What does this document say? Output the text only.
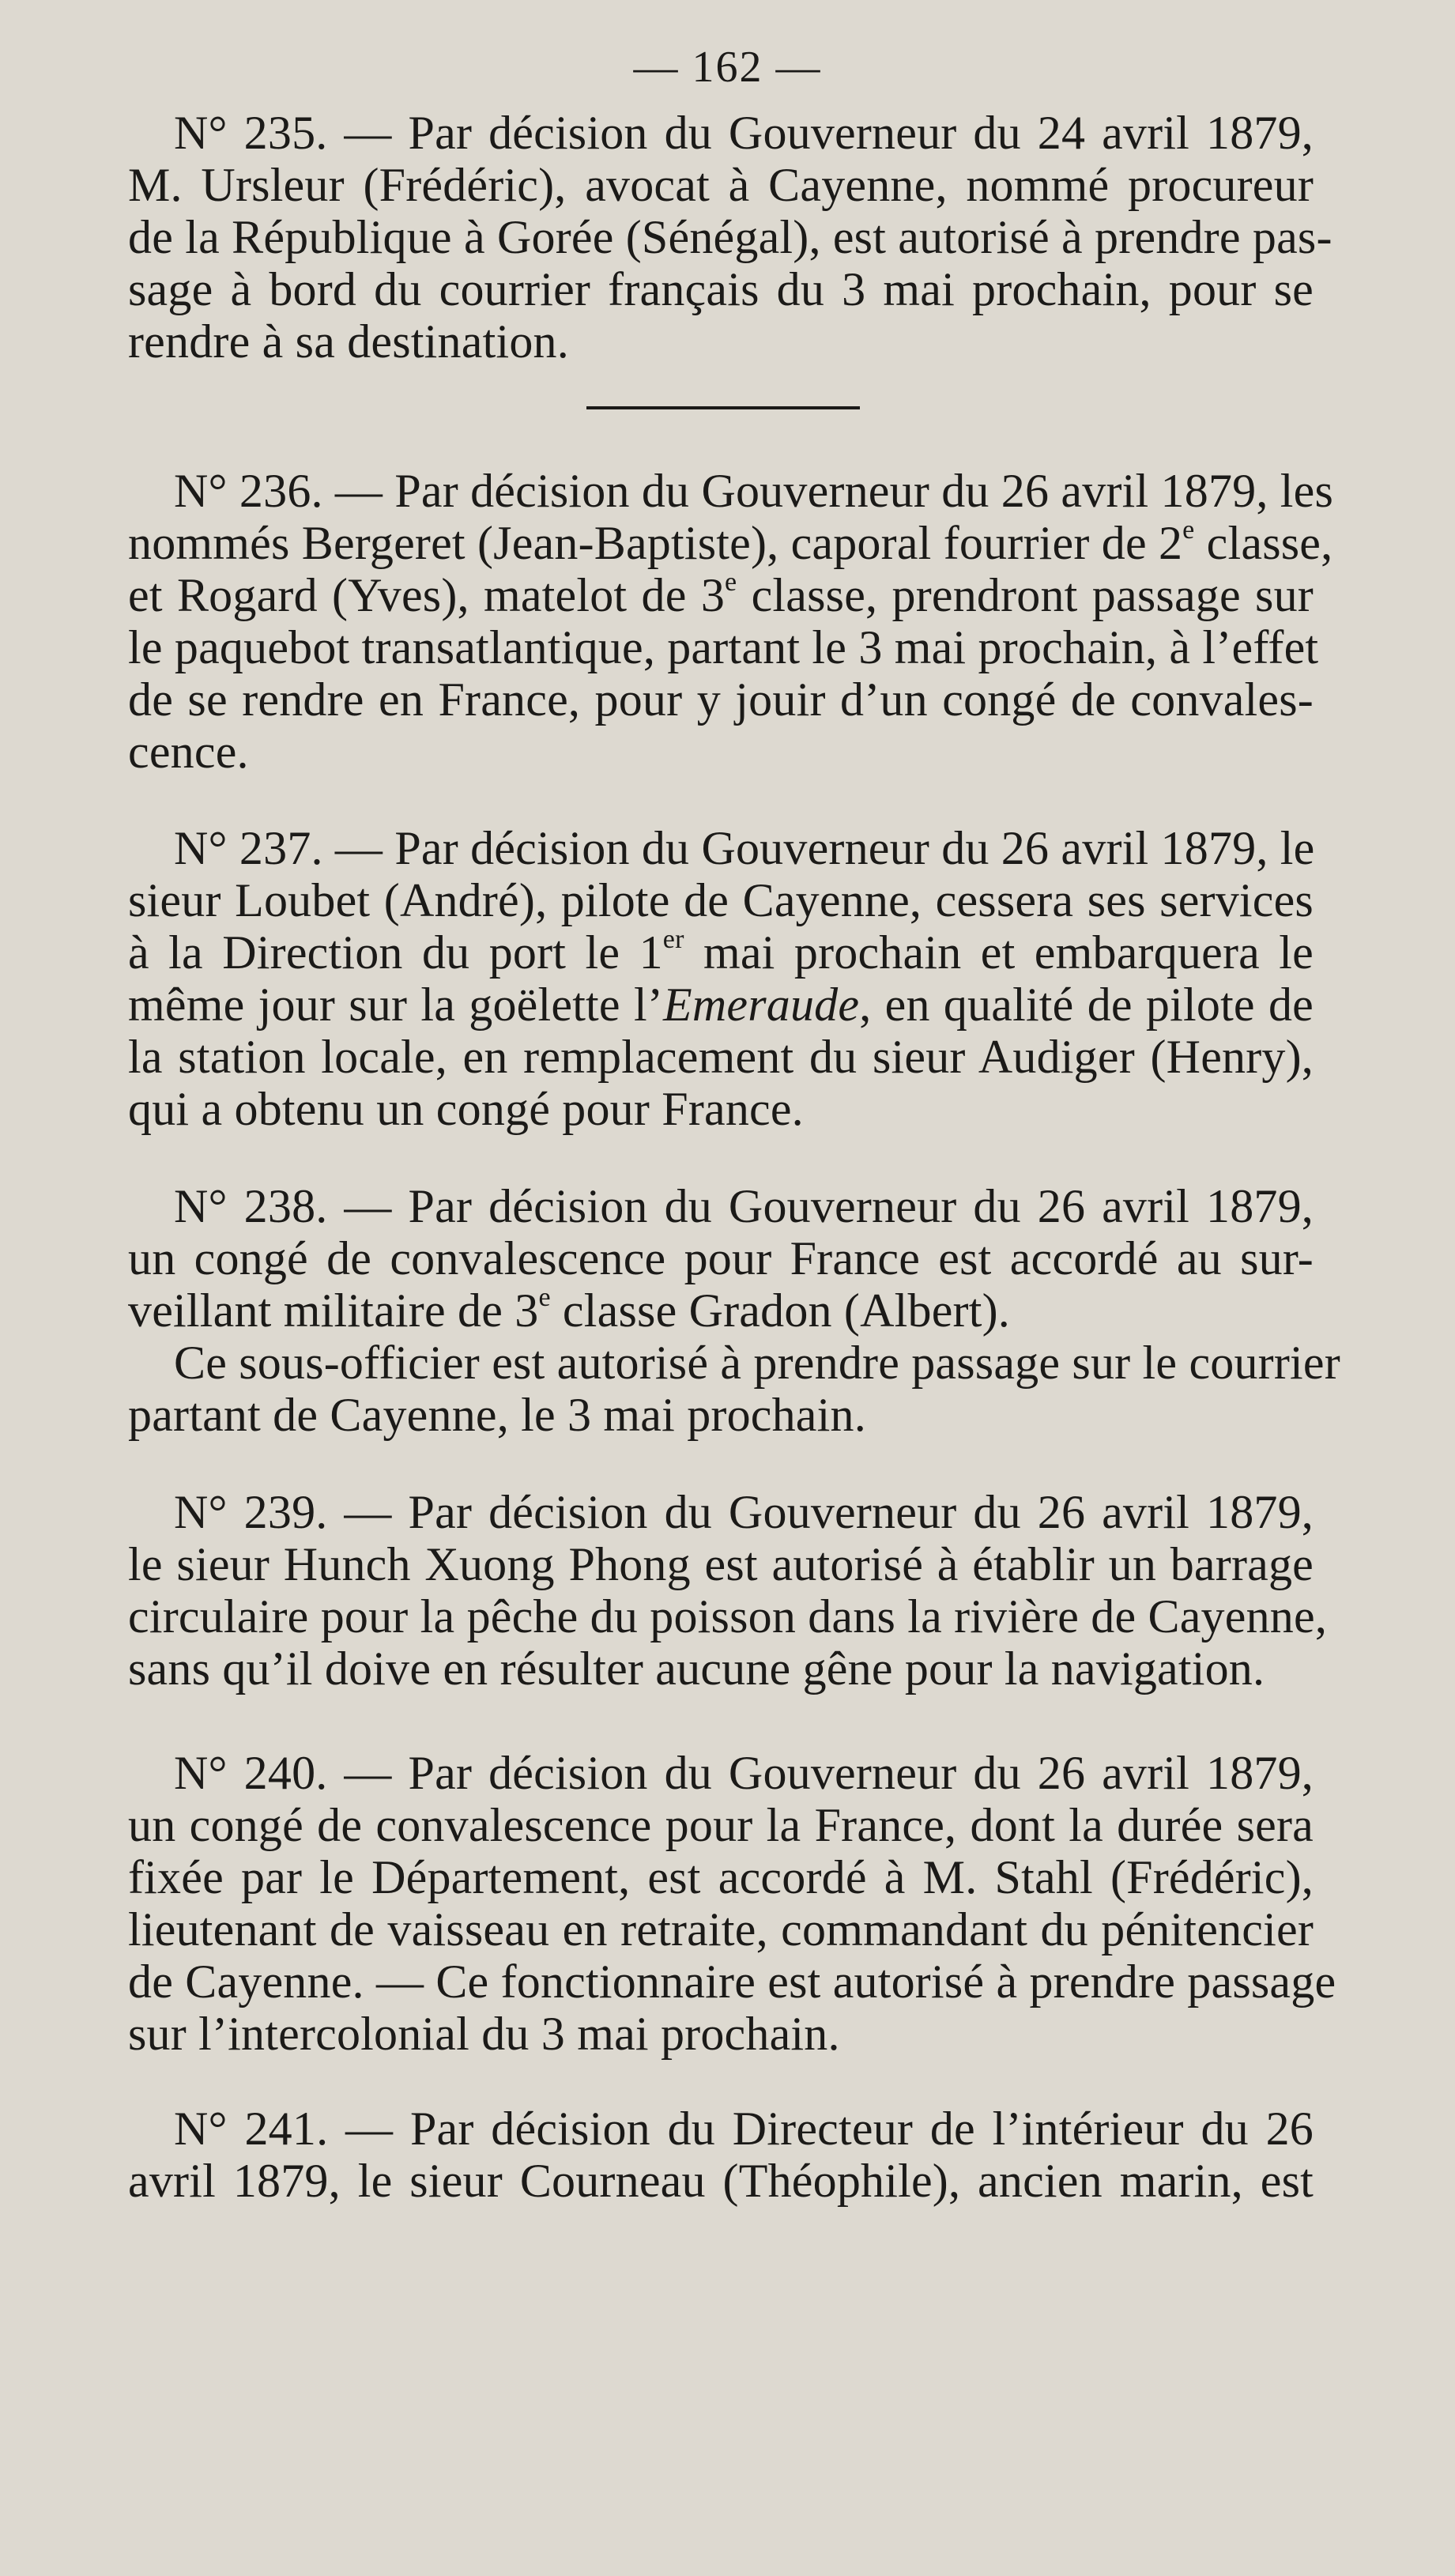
— 162 —
N° 235. — Par décision du Gouverneur du 24 avril 1879,
M. Ursleur (Frédéric), avocat à Cayenne, nommé procureur
de la République à Gorée (Sénégal), est autorisé à prendre pas-
sage à bord du courrier français du 3 mai prochain, pour se
rendre à sa destination.
N° 236. — Par décision du Gouverneur du 26 avril 1879, les
nommés Bergeret (Jean-Baptiste), caporal fourrier de 2e classe,
et Rogard (Yves), matelot de 3e classe, prendront passage sur
le paquebot transatlantique, partant le 3 mai prochain, à l’effet
de se rendre en France, pour y jouir d’un congé de convales-
cence.
N° 237. — Par décision du Gouverneur du 26 avril 1879, le
sieur Loubet (André), pilote de Cayenne, cessera ses services
à la Direction du port le 1er mai prochain et embarquera le
même jour sur la goëlette l’Emeraude, en qualité de pilote de
la station locale, en remplacement du sieur Audiger (Henry),
qui a obtenu un congé pour France.
N° 238. — Par décision du Gouverneur du 26 avril 1879,
un congé de convalescence pour France est accordé au sur-
veillant militaire de 3e classe Gradon (Albert).
Ce sous-officier est autorisé à prendre passage sur le courrier
partant de Cayenne, le 3 mai prochain.
N° 239. — Par décision du Gouverneur du 26 avril 1879,
le sieur Hunch Xuong Phong est autorisé à établir un barrage
circulaire pour la pêche du poisson dans la rivière de Cayenne,
sans qu’il doive en résulter aucune gêne pour la navigation.
N° 240. — Par décision du Gouverneur du 26 avril 1879,
un congé de convalescence pour la France, dont la durée sera
fixée par le Département, est accordé à M. Stahl (Frédéric),
lieutenant de vaisseau en retraite, commandant du pénitencier
de Cayenne. — Ce fonctionnaire est autorisé à prendre passage
sur l’intercolonial du 3 mai prochain.
N° 241. — Par décision du Directeur de l’intérieur du 26
avril 1879, le sieur Courneau (Théophile), ancien marin, est
